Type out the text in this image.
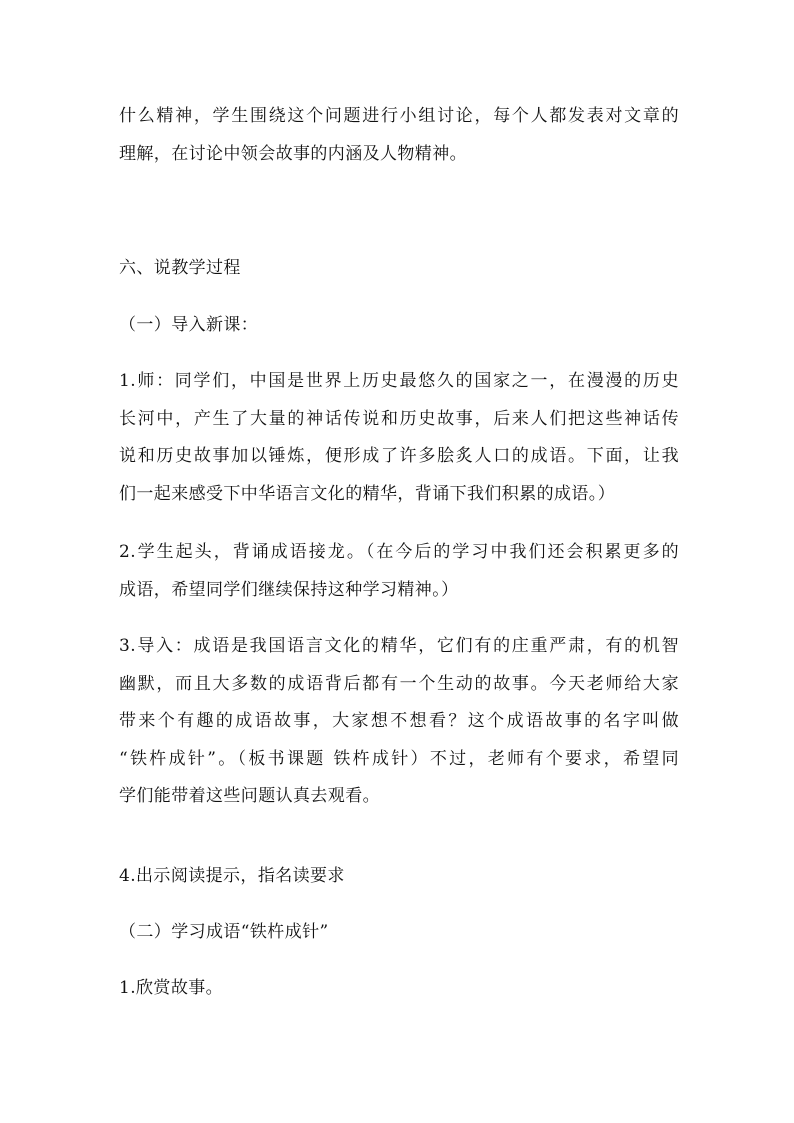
什么精神，学生围绕这个问题进行小组讨论，每个人都发表对文章的
理解，在讨论中领会故事的内涵及人物精神。

六、说教学过程

（一）导入新课：

1.师：同学们，中国是世界上历史最悠久的国家之一，在漫漫的历史
长河中，产生了大量的神话传说和历史故事，后来人们把这些神话传
说和历史故事加以锤炼，便形成了许多脍炙人口的成语。下面，让我
们一起来感受下中华语言文化的精华，背诵下我们积累的成语。）

2.学生起头，背诵成语接龙。（在今后的学习中我们还会积累更多的
成语，希望同学们继续保持这种学习精神。）

3.导入：成语是我国语言文化的精华，它们有的庄重严肃，有的机智
幽默，而且大多数的成语背后都有一个生动的故事。今天老师给大家
带来个有趣的成语故事，大家想不想看？这个成语故事的名字叫做
“铁杵成针”。（板书课题 铁杵成针）不过，老师有个要求，希望同
学们能带着这些问题认真去观看。

4.出示阅读提示，指名读要求

（二）学习成语“铁杵成针”

1.欣赏故事。
